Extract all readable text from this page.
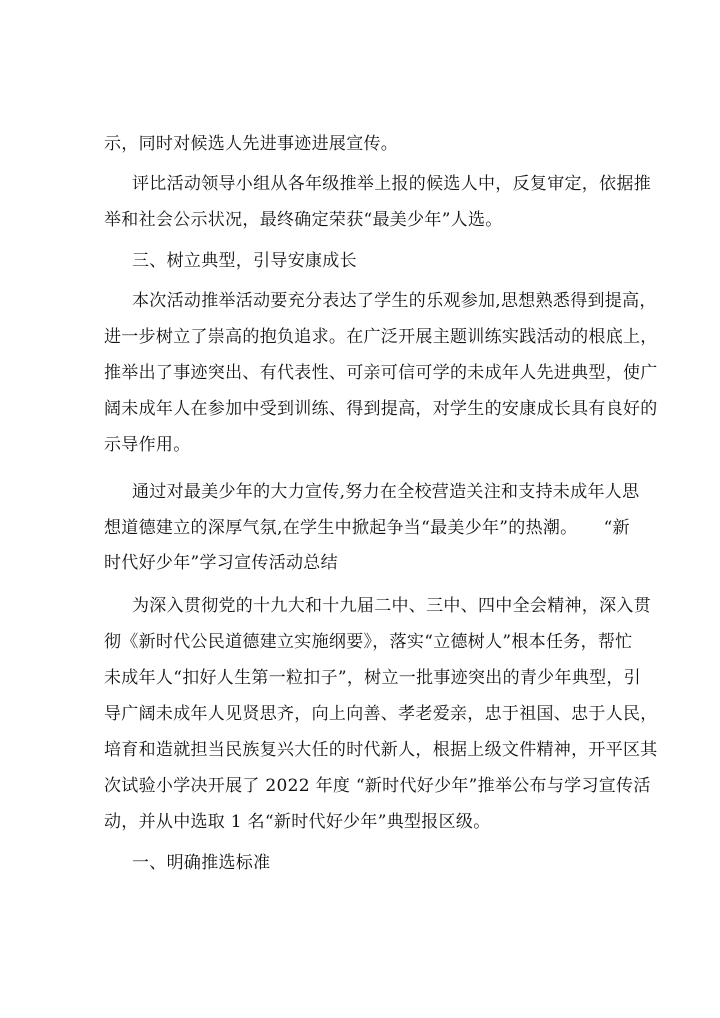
示，同时对候选人先进事迹进展宣传。
评比活动领导小组从各年级推举上报的候选人中，反复审定，依据推
举和社会公示状况，最终确定荣获“最美少年”人选。
三、树立典型，引导安康成长
本次活动推举活动要充分表达了学生的乐观参加,思想熟悉得到提高，
进一步树立了崇高的抱负追求。在广泛开展主题训练实践活动的根底上，
推举出了事迹突出、有代表性、可亲可信可学的未成年人先进典型，使广
阔未成年人在参加中受到训练、得到提高，对学生的安康成长具有良好的
示导作用。
通过对最美少年的大力宣传,努力在全校营造关注和支持未成年人思
想道德建立的深厚气氛,在学生中掀起争当“最美少年”的热潮。　　“新
时代好少年”学习宣传活动总结
为深入贯彻党的十九大和十九届二中、三中、四中全会精神，深入贯
彻《新时代公民道德建立实施纲要》，落实“立德树人”根本任务，帮忙
未成年人“扣好人生第一粒扣子”，树立一批事迹突出的青少年典型，引
导广阔未成年人见贤思齐，向上向善、孝老爱亲，忠于祖国、忠于人民，
培育和造就担当民族复兴大任的时代新人，根据上级文件精神，开平区其
次试验小学决开展了 2022 年度 “新时代好少年”推举公布与学习宣传活
动，并从中选取 1 名“新时代好少年”典型报区级。
一、明确推选标准
